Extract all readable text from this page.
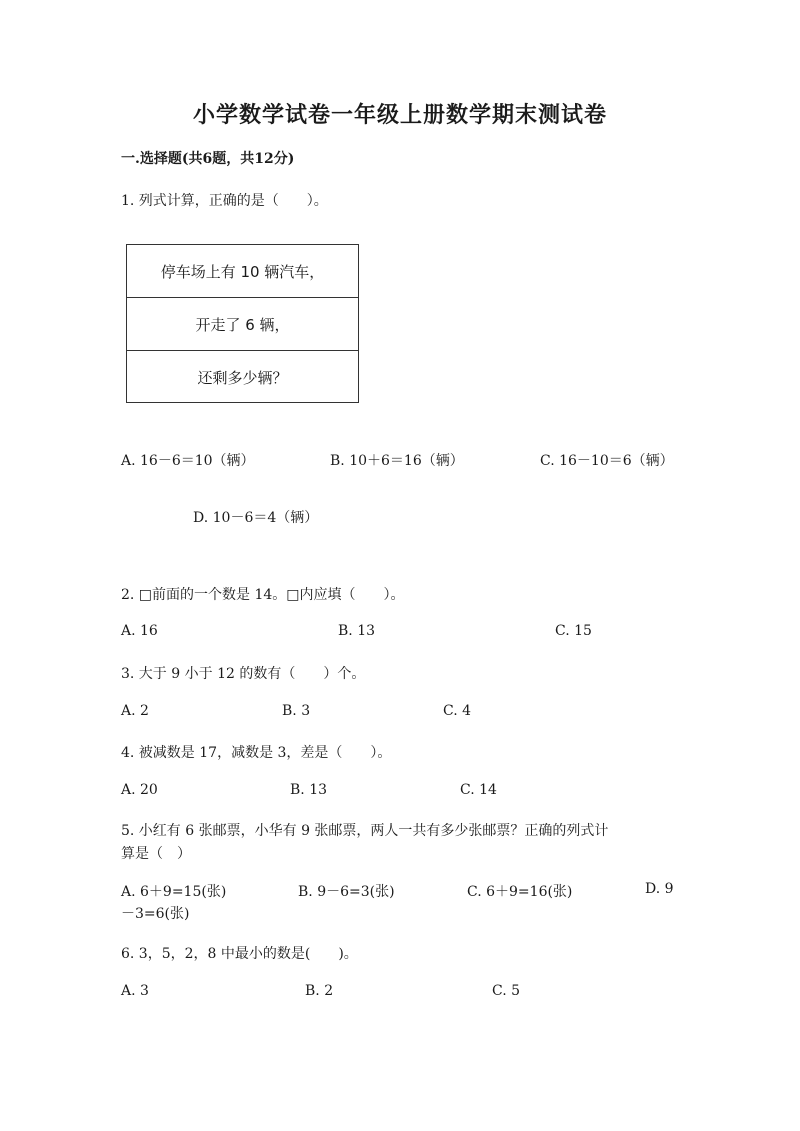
小学数学试卷一年级上册数学期末测试卷
一.选择题(共6题，共12分)
1. 列式计算，正确的是（　　）。
停车场上有 10 辆汽车，
开走了 6 辆，
还剩多少辆？
A. 16－6＝10（辆）	B. 10＋6＝16（辆）	C. 16－10＝6（辆）
D. 10－6＝4（辆）
2. □前面的一个数是 14。□内应填（　　）。
A. 16	B. 13	C. 15
3. 大于 9 小于 12 的数有（　　）个。
A. 2	B. 3	C. 4
4. 被减数是 17，减数是 3，差是（　　）。
A. 20	B. 13	C. 14
5. 小红有 6 张邮票，小华有 9 张邮票，两人一共有多少张邮票？正确的列式计
算是（　）
A. 6＋9=15(张)	B. 9－6=3(张)	C. 6＋9=16(张)	D. 9
－3=6(张)
6. 3，5，2，8 中最小的数是(　　)。
A. 3	B. 2	C. 5
